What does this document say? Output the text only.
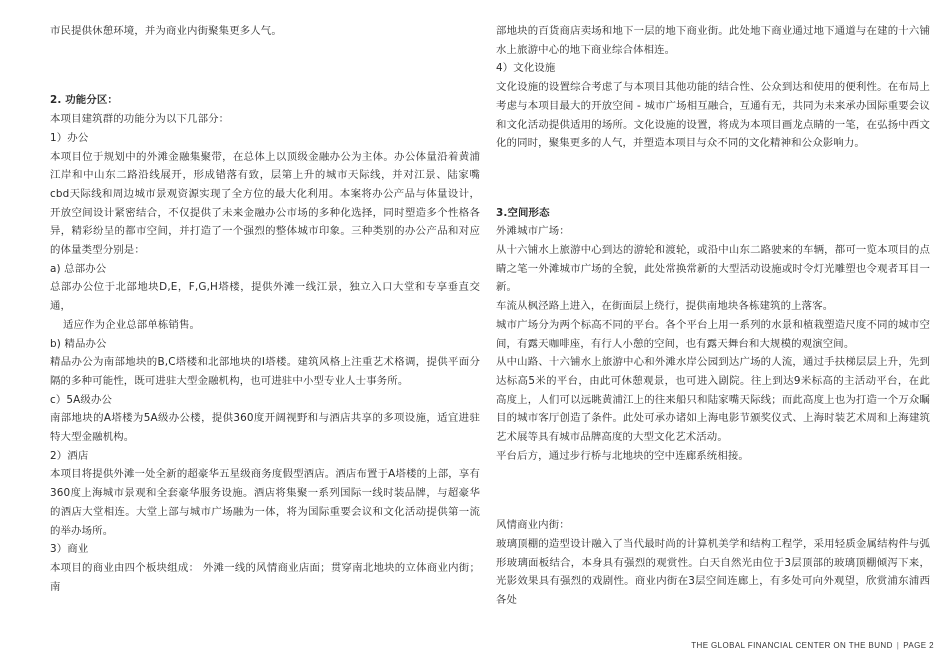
市民提供休憩环境，并为商业内街聚集更多人气。

2. 功能分区：

本项目建筑群的功能分为以下几部分：

1）办公

本项目位于规划中的外滩金融集聚带，在总体上以顶级金融办公为主体。办公体量沿着黄浦江岸和中山东二路沿线展开，形成错落有致，层第上升的城市天际线，并对江景、陆家嘴cbd天际线和周边城市景观资源实现了全方位的最大化利用。本案将办公产品与体量设计，开放空间设计紧密结合，不仅提供了未来金融办公市场的多种化选择，同时塑造多个性格各异，精彩纷呈的都市空间，并打造了一个强烈的整体城市印象。三种类别的办公产品和对应的体量类型分别是：

a) 总部办公

总部办公位于北部地块D,E，F,G,H塔楼，提供外滩一线江景，独立入口大堂和专享垂直交通，

适应作为企业总部单栋销售。

b) 精品办公

精品办公为南部地块的B,C塔楼和北部地块的I塔楼。建筑风格上注重艺术格调，提供平面分隔的多种可能性，既可进驻大型金融机构，也可进驻中小型专业人士事务所。

c）5A级办公

南部地块的A塔楼为5A级办公楼，提供360度开阔视野和与酒店共享的多项设施，适宜进驻特大型金融机构。

2）酒店

本项目将提供外滩一处全新的超豪华五星级商务度假型酒店。酒店布置于A塔楼的上部，享有360度上海城市景观和全套豪华服务设施。酒店将集聚一系列国际一线时装品牌，与超豪华的酒店大堂相连。大堂上部与城市广场融为一体，将为国际重要会议和文化活动提供第一流的举办场所。

3）商业

本项目的商业由四个板块组成： 外滩一线的风情商业店面；贯穿南北地块的立体商业内街； 南

部地块的百货商店卖场和地下一层的地下商业街。此处地下商业通过地下通道与在建的十六铺水上旅游中心的地下商业综合体相连。

4）文化设施

文化设施的设置综合考虑了与本项目其他功能的结合性、公众到达和使用的便利性。在布局上考虑与本项目最大的开放空间 - 城市广场相互融合，互通有无，共同为未来承办国际重要会议和文化活动提供适用的场所。文化设施的设置，将成为本项目画龙点睛的一笔，在弘扬中西文化的同时，聚集更多的人气，并塑造本项目与众不同的文化精神和公众影响力。

3.空间形态

外滩城市广场：

从十六铺水上旅游中心到达的游轮和渡轮，或沿中山东二路驶来的车辆，都可一览本项目的点睛之笔一外滩城市广场的全貌，此处常换常新的大型活动设施或时令灯光雕塑也令观者耳目一新。

车流从枫泾路上进入，在街面层上绕行，提供南地块各栋建筑的上落客。

城市广场分为两个标高不同的平台。各个平台上用一系列的水景和植栽塑造尺度不同的城市空间，有露天咖啡座，有行人小憩的空间，也有露天舞台和大规模的观演空间。

从中山路、十六铺水上旅游中心和外滩水岸公园到达广场的人流，通过手扶梯层层上升，先到达标高5米的平台，由此可休憩观景，也可进入剧院。往上到达9米标高的主活动平台，在此高度上，人们可以远眺黄浦江上的往来船只和陆家嘴天际线；而此高度上也为打造一个万众瞩目的城市客厅创造了条件。此处可承办诸如上海电影节颁奖仪式、上海时装艺术周和上海建筑艺术展等具有城市品牌高度的大型文化艺术活动。

平台后方，通过步行桥与北地块的空中连廊系统相接。

风情商业内街：

玻璃顶棚的造型设计融入了当代最时尚的计算机美学和结构工程学，采用轻质金属结构件与弧形玻璃面板结合，本身具有强烈的观赏性。白天自然光由位于3层顶部的玻璃顶棚倾泻下来，光影效果具有强烈的戏剧性。商业内街在3层空间连廊上，有多处可向外观望，欣赏浦东浦西各处

THE GLOBAL FINANCIAL CENTER ON THE BUND | PAGE 2
